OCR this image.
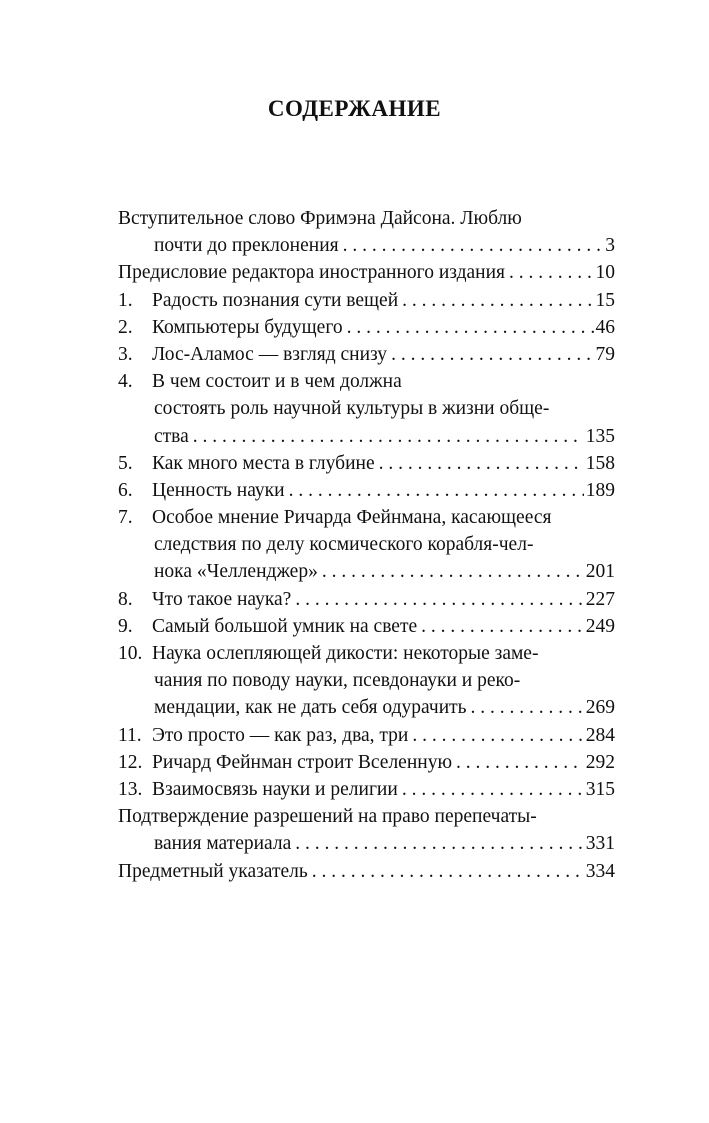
СОДЕРЖАНИЕ
Вступительное слово Фримэна Дайсона. Люблю
почти до преклонения . . .	3
Предисловие редактора иностранного издания . . .	10
1. Радость познания сути вещей . . .	15
2. Компьютеры будущего . . .	46
3. Лос-Аламос — взгляд снизу . . .	79
4. В чем состоит и в чем должна
состоять роль научной культуры в жизни обще-
ства . . .	135
5. Как много места в глубине . . .	158
6. Ценность науки . . .	189
7. Особое мнение Ричарда Фейнмана, касающееся
следствия по делу космического корабля-чел-
нока «Челленджер» . . .	201
8. Что такое наука? . . .	227
9. Самый большой умник на свете . . .	249
10. Наука ослепляющей дикости: некоторые заме-
чания по поводу науки, псевдонауки и реко-
мендации, как не дать себя одурачить . . .	269
11. Это просто — как раз, два, три . . .	284
12. Ричард Фейнман строит Вселенную . . .	292
13. Взаимосвязь науки и религии . . .	315
Подтверждение разрешений на право перепечаты-
вания материала . . .	331
Предметный указатель . . .	334
